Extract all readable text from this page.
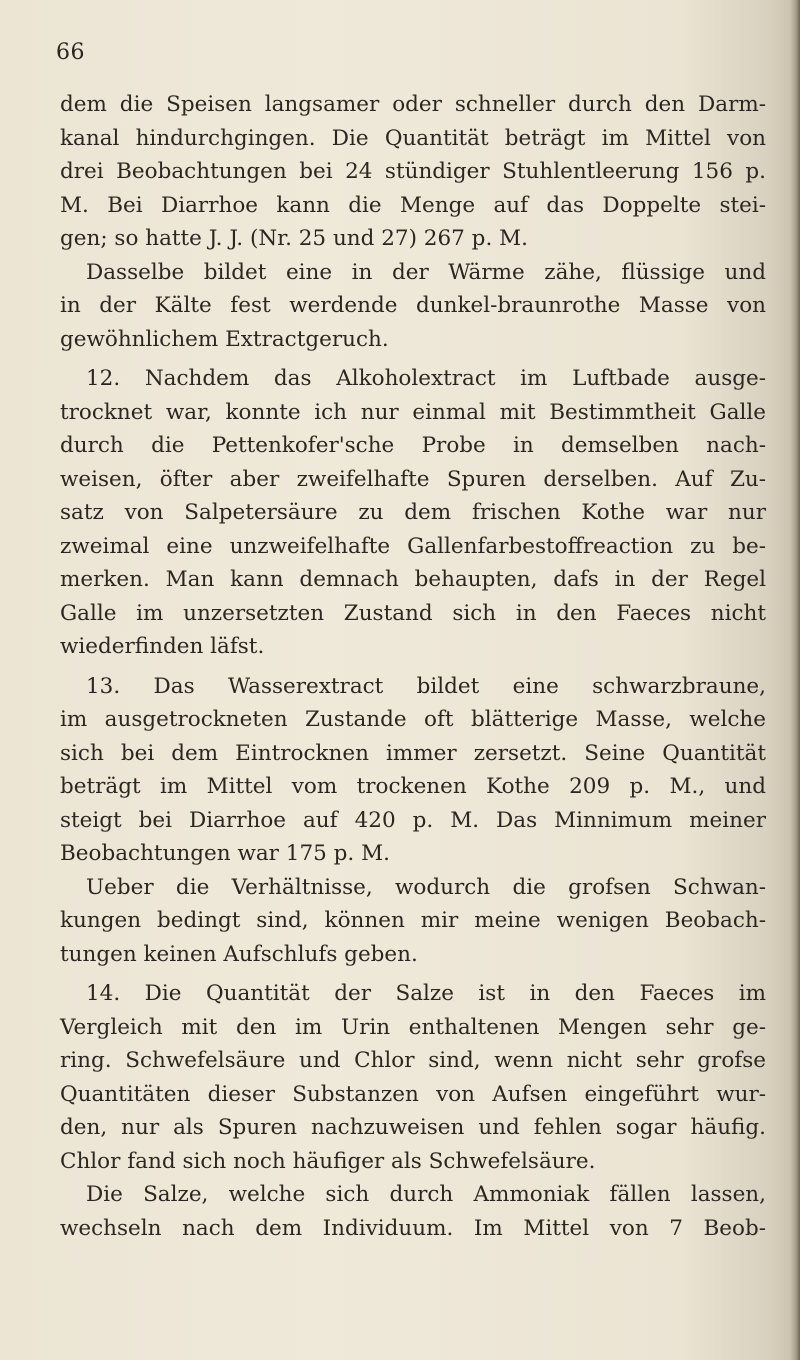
66
dem die Speisen langsamer oder schneller durch den Darm-
kanal hindurchgingen. Die Quantität beträgt im Mittel von
drei Beobachtungen bei 24 stündiger Stuhlentleerung 156 p.
M. Bei Diarrhoe kann die Menge auf das Doppelte stei-
gen; so hatte J. J. (Nr. 25 und 27) 267 p. M.
Dasselbe bildet eine in der Wärme zähe, flüssige und
in der Kälte fest werdende dunkel-braunrothe Masse von
gewöhnlichem Extractgeruch.
12. Nachdem das Alkoholextract im Luftbade ausge-
trocknet war, konnte ich nur einmal mit Bestimmtheit Galle
durch die Pettenkofer'sche Probe in demselben nach-
weisen, öfter aber zweifelhafte Spuren derselben. Auf Zu-
satz von Salpetersäure zu dem frischen Kothe war nur
zweimal eine unzweifelhafte Gallenfarbestoffreaction zu be-
merken. Man kann demnach behaupten, dafs in der Regel
Galle im unzersetzten Zustand sich in den Faeces nicht
wiederfinden läfst.
13. Das Wasserextract bildet eine schwarzbraune,
im ausgetrockneten Zustande oft blätterige Masse, welche
sich bei dem Eintrocknen immer zersetzt. Seine Quantität
beträgt im Mittel vom trockenen Kothe 209 p. M., und
steigt bei Diarrhoe auf 420 p. M. Das Minnimum meiner
Beobachtungen war 175 p. M.
Ueber die Verhältnisse, wodurch die grofsen Schwan-
kungen bedingt sind, können mir meine wenigen Beobach-
tungen keinen Aufschlufs geben.
14. Die Quantität der Salze ist in den Faeces im
Vergleich mit den im Urin enthaltenen Mengen sehr ge-
ring. Schwefelsäure und Chlor sind, wenn nicht sehr grofse
Quantitäten dieser Substanzen von Aufsen eingeführt wur-
den, nur als Spuren nachzuweisen und fehlen sogar häufig.
Chlor fand sich noch häufiger als Schwefelsäure.
Die Salze, welche sich durch Ammoniak fällen lassen,
wechseln nach dem Individuum. Im Mittel von 7 Beob-
